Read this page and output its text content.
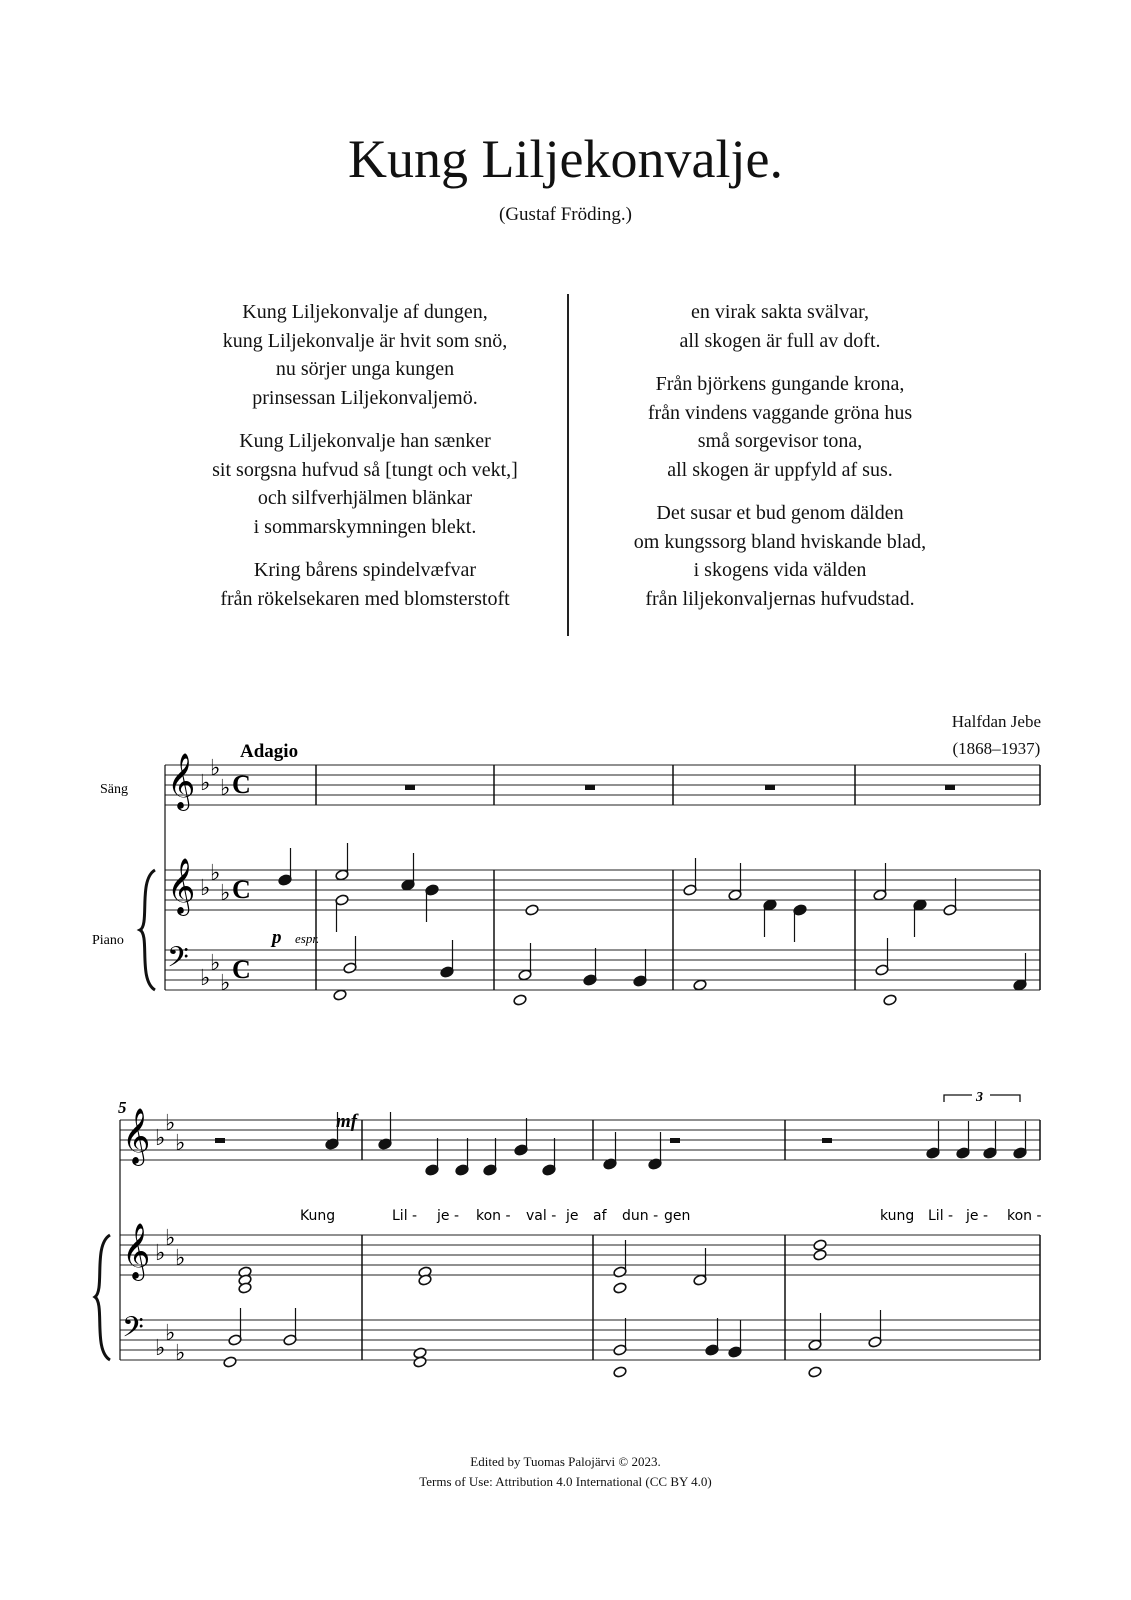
Kung Liljekonvalje.
(Gustaf Fröding.)
Kung Liljekonvalje af dungen,
kung Liljekonvalje är hvit som snö,
nu sörjer unga kungen
prinsessan Liljekonvaljemö.
Kung Liljekonvalje han sænker
sit sorgsna hufvud så [tungt och vekt,]
och silfverhjälmen blänkar
i sommarskymningen blekt.
Kring bårens spindelvæfvar
från rökelsekaren med blomsterstoft
en virak sakta svälvar,
all skogen är full av doft.
Från björkens gungande krona,
från vindens vaggande gröna hus
små sorgevisor tona,
all skogen är uppfyld af sus.
Det susar et bud genom dälden
om kungssorg bland hviskande blad,
i skogens vida välden
från liljekonvaljernas hufvudstad.
Halfdan Jebe
(1868–1937)
Adagio
Säng
Piano	p espr.
5
mf
3
Kung	Lil - je - kon - val - je af dun - gen	kung Lil - je - kon -
𝄞 ♭
♭
♭ C
𝄞 ♭
♭
♭ C
𝄢 ♭
♭
♭ C
𝄞 ♭
♭
♭
𝄞 ♭
♭
♭
𝄢 ♭
♭
♭
Edited by Tuomas Palojärvi © 2023.
Terms of Use: Attribution 4.0 International (CC BY 4.0)
